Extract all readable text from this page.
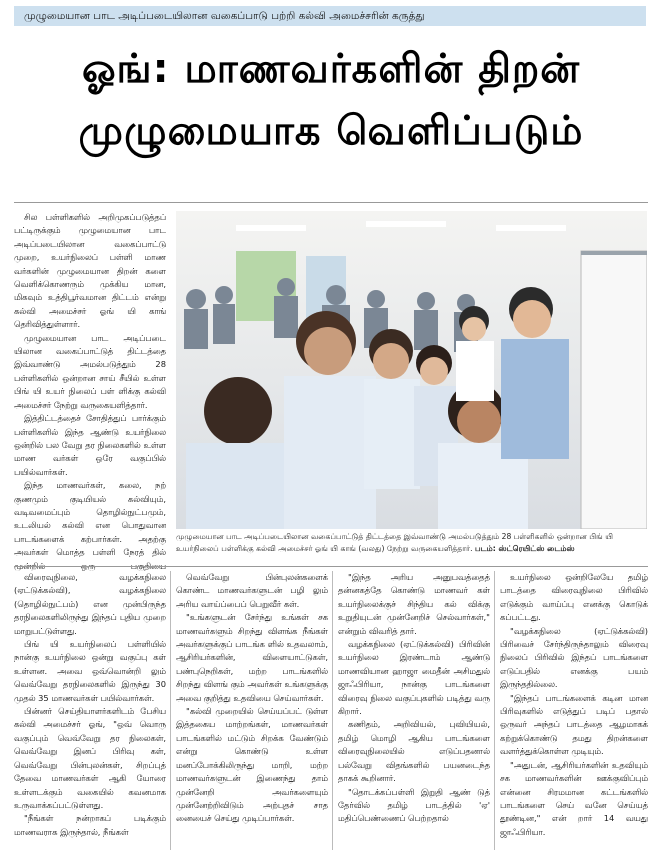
முழுமையான பாட அடிப்படையிலான வகைப்பாடு பற்றி கல்வி அமைச்சரின் கருத்து
ஓங்: மாணவர்களின் திறன்
முழுமையாக வெளிப்படும்

சில பள்ளிகளில் அறிமுகப்படுத்தப் பட்டிருக்கும் முழுமையான பாட அடிப்படையிலான வகைப்பாட்டு முறை, உயர்நிலைப் பள்ளி மாண வர்களின் முழுமையான திறன் களை வெளிக்கொணரும் முக்கிய மான, மிகவும் உத்திபூர்வமான திட்டம் என்று கல்வி அமைச்சர் ஓங் யி காங் தெரிவித்துள்ளார்.

முழுமையான பாட அடிப்படை யிலான வகைப்பாட்டுத் திட்டத்தை இவ்வாண்டு அமல்படுத்தும் 28 பள்ளிகளில் ஒன்றான சாய் சீயில் உள்ள பிங் யி உயர் நிலைப் பள் ளிக்கு கல்வி அமைச்சர் நேற்று வருகையளித்தார்.

இத்திட்டத்தைச் சோதித்துப் பார்க்கும் பள்ளிகளில் இந்த ஆண்டு உயர்நிலை ஒன்றில் பல வேறு தர நிலைகளில் உள்ள மாண வர்கள் ஒரே வகுப்பில் பயில்வார்கள்.

இந்த மாணவர்கள், கலை, நற் குணமும் குடியியல் கல்வியும், வடிவமைப்பும் தொழில்நுட்பமும், உடலியல் கல்வி என பொதுவான பாடங்களைக் கற்பார்கள். அதற்கு அவர்கள் மொத்த பள்ளி நேரத் தில்

முழுமையான பாட அடிப்படையிலான வகைப்பாட்டுத் திட்டத்தை இவ்வாண்டு அமல்படுத்தும் 28 பள்ளிகளில் ஒன்றான பிங் யி உயர்நிலைப் பள்ளிக்கு கல்வி அமைச்சர் ஓங் யி காங் (வலது) நேற்று வருகையளித்தார். படம்: ஸ்ட்ரெயிட்ஸ் டைம்ஸ்

விரைவுநிலை, வழக்கநிலை (ஏட்டுக்கல்வி), வழக்கநிலை (தொழில்நுட்பம்) என முன்பிருந்த தரநிலைகளிலிருந்து இந்தப் புதிய முறை மாறுபட்டுள்ளது.

பிங் யி உயர்நிலைப் பள்ளியில் நான்கு உயர்நிலை ஒன்று வகுப்பு கள் உள்ளன. அவை ஒவ்வொன்றி லும் வெவ்வேறு தரநிலைகளில் இருந்து 30 முதல் 35 மாணவர்கள் பயில்வார்கள்.

பின்னர் செய்தியாளர்களிடம் பேசிய கல்வி அமைச்சர் ஓங், "ஒவ் வொரு வகுப்பும் வெவ்வேறு தர நிலைகள், வெவ்வேறு இனப் பிரிவு கள், வெவ்வேறு பின்புலன்கள், சிறப்புத் தேவை மாணவர்கள் ஆகி யோரை உள்ளடக்கும் வகையில் கவனமாக உருவாக்கப்பட்டுள்ளது.

"நீங்கள் நன்றாகப் படிக்கும் மாணவராக இருந்தால், நீங்கள்

வெவ்வேறு பின்புலன்களைக் கொண்ட மாணவர்களுடன் பழி லும் அரிய வாய்ப்பைப் பெறுவீர் கள்.

"உங்களுடன் சேர்ந்து உங்கள் சக மாணவர்களும் சிறந்து விளங்க நீங்கள் அவர்களுக்குப் பாடங்க ளில் உதவலாம், ஆசிரியர்களின், விளையாட்டுகள், பண்புநெறிகள், மற்ற பாடங்களில் சிறந்து விளங் கும் அவர்கள் உங்களுக்கு அவை குறித்து உதவியை செய்வார்கள்.

"கல்வி முறையில் செய்யப்பட் டுள்ள இத்தகைய மாற்றங்கள், மாணவர்கள் பாடங்களில் மட்டும் சிறக்க வேண்டும் என்று கொண்டு உள்ள மனப்போக்கிலிருந்து மாறி, மற்ற மாணவர்களுடன் இணைந்து தாம் முன்னேறி அவர்களையும் முன்னேற்றிவிடும் அற்புதச் சாத னையைச் செய்து முடிப்பார்கள்.

"இந்த அரிய அனுபவத்தைத் தன்னகத்தே கொண்டு மாணவர் கள் உயர்நிலைக்குச் சிந்திய கல் விக்கு உறுதியுடன் முன்னேறிச் செல்வார்கள்," என்றும் விவரித் தார்.

வழக்கநிலை (ஏட்டுக்கல்வி) பிரிவின் உயர்நிலை இரண்டாம் ஆண்டு மாணவியான ஹாஜா மைதீன் அசிமதுல் ஜாஃபிரியா, நான்கு பாடங்களை விரைவு நிலை வகுப்புகளில் படித்து வரு கிறார்.

கணிதம், அறிவியல், புவியியல், தமிழ் மொழி ஆகிய பாடங்களை விரைவுநிலையில் எடுப்பதனால் பல்வேறு விதங்களில் பயனடைந்த தாகக் கூறினார்.

"தொடக்கப்பள்ளி இறுதி ஆண் டுத் தேர்வில் தமிழ் பாடத்தில் 'ஏ' மதிப்பெண்ணைப் பெற்றதால்

உயர்நிலை ஒன்றிலேயே தமிழ் பாடத்தை விரைவுநிலை பிரிவில் எடுக்கும் வாய்ப்பு எனக்கு கொடுக் கப்பட்டது.

"வழக்கநிலை (ஏட்டுக்கல்வி) பிரிவைச் சேர்ந்திருந்தாலும் விரைவு நிலைப் பிரிவில் இந்தப் பாடங்களை எடுப்பதில் எனக்கு பயம் இருந்ததில்லை.

"இந்தப் பாடங்களைக் கடின மான பிரிவுகளில் எடுத்துப் படிப் பதால் ஒருவர் அந்தப் பாடத்தை ஆழமாகக் கற்றுக்கொண்டு தமது திறன்களை வளர்த்துக்கொள்ள முடியும்.

"அதுடன், ஆசிரியர்களின் உதவியும் சக மாணவர்களின் ஊக்குவிப்பும் என்னை சிரமமான கட்டங்களில் பாடங்களை செய் வனே செய்யத் தூண்டின," என் றார் 14 வயது ஜாஃபிரியா.
